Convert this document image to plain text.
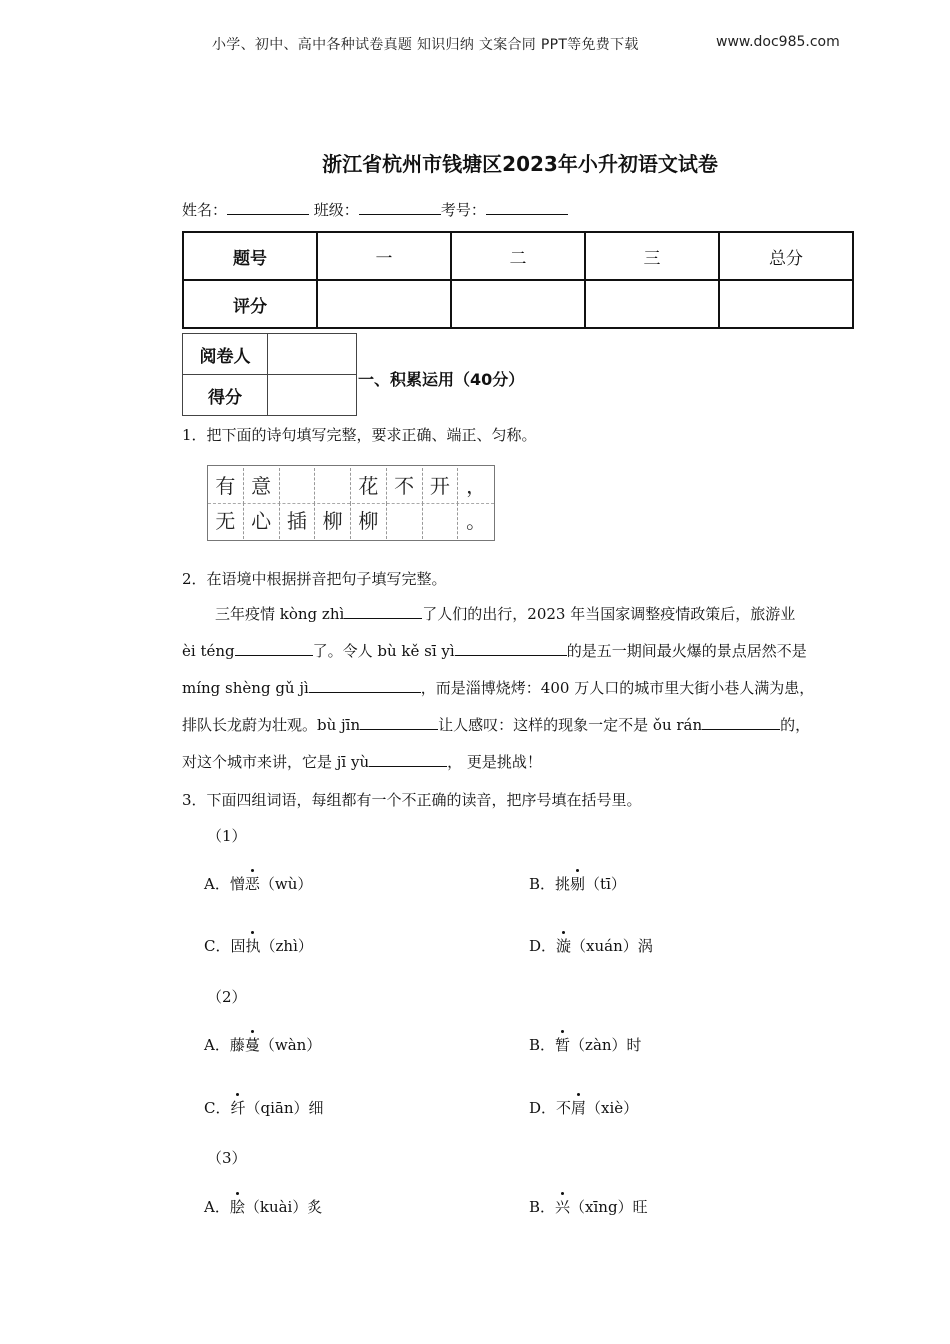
小学、初中、高中各种试卷真题 知识归纳 文案合同 PPT等免费下载	www.doc985.com
浙江省杭州市钱塘区2023年小升初语文试卷
姓名：	班级：	考号：
题号	一	二	三	总分
评分				
阅卷人	
得分	
一、积累运用（40分）
1．把下面的诗句填写完整，要求正确、端正、匀称。
有 意	花 不 开 ，
无 心 插 柳 柳	。
2．在语境中根据拼音把句子填写完整。
三年疫情 kòng zhì	了人们的出行，2023 年当国家调整疫情政策后，旅游业
èi téng	了。令人 bù kě sī yì	的是五一期间最火爆的景点居然不是
míng shèng gǔ jì	，而是淄博烧烤：400 万人口的城市里大街小巷人满为患，
排队长龙蔚为壮观。bù jīn	让人感叹：这样的现象一定不是 ǒu rán	的，
对这个城市来讲，它是 jī yù	， 更是挑战！
3．下面四组词语，每组都有一个不正确的读音，把序号填在括号里。
（1）
A．憎恶（wù）	B．挑剔（tī）
C．固执（zhì）	D．漩（xuán）涡
（2）
A．藤蔓（wàn）	B．暂（zàn）时
C．纤（qiān）细	D．不屑（xiè）
（3）
A．脍（kuài）炙	B．兴（xīng）旺
